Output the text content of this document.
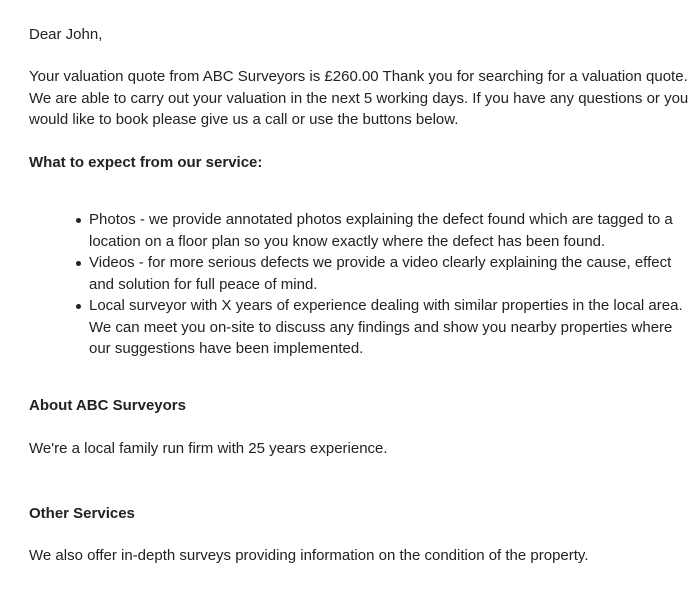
Dear John,

Your valuation quote from ABC Surveyors is £260.00 Thank you for searching for a valuation quote. We are able to carry out your valuation in the next 5 working days. If you have any questions or you would like to book please give us a call or use the buttons below.

What to expect from our service:

Photos - we provide annotated photos explaining the defect found which are tagged to a location on a floor plan so you know exactly where the defect has been found.
Videos - for more serious defects we provide a video clearly explaining the cause, effect and solution for full peace of mind.
Local surveyor with X years of experience dealing with similar properties in the local area. We can meet you on-site to discuss any findings and show you nearby properties where our suggestions have been implemented.

About ABC Surveyors

We're a local family run firm with 25 years experience.

Other Services

We also offer in-depth surveys providing information on the condition of the property.
